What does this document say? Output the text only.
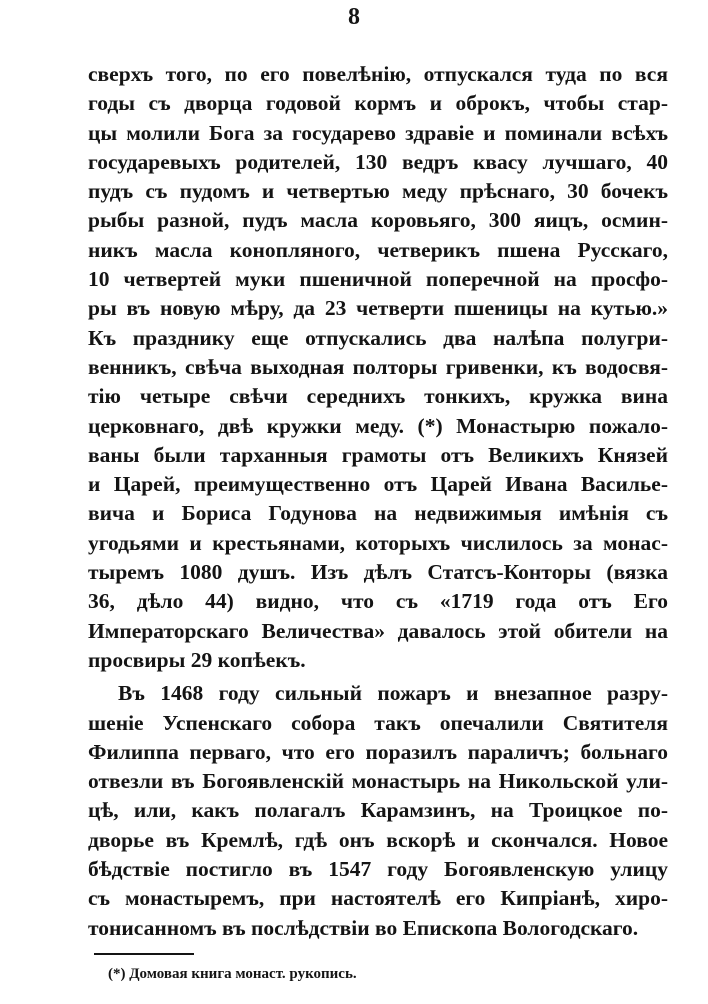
8
сверхъ того, по его повелѣнію, отпускался туда по вся
годы съ дворца годовой кормъ и оброкъ, чтобы стар-
цы молили Бога за государево здравіе и поминали всѣхъ
государевыхъ родителей, 130 ведръ квасу лучшаго, 40
пудъ съ пудомъ и четвертью меду прѣснаго, 30 бочекъ
рыбы разной, пудъ масла коровьяго, 300 яицъ, осмин-
никъ масла конопляного, четверикъ пшена Русскаго,
10 четвертей муки пшеничной поперечной на просфо-
ры въ новую мѣру, да 23 четверти пшеницы на кутью.»
Къ празднику еще отпускались два налѣпа полугри-
венникъ, свѣча выходная полторы гривенки, къ водосвя-
тію четыре свѣчи середнихъ тонкихъ, кружка вина
церковнаго, двѣ кружки меду. (*) Монастырю пожало-
ваны были тарханныя грамоты отъ Великихъ Князей
и Царей, преимущественно отъ Царей Ивана Василье-
вича и Бориса Годунова на недвижимыя имѣнія съ
угодьями и крестьянами, которыхъ числилось за монас-
тыремъ 1080 душъ. Изъ дѣлъ Статсъ-Конторы (вязка
36, дѣло 44) видно, что съ «1719 года отъ Его
Императорскаго Величества» давалось этой обители на
просвиры 29 копѣекъ.
Въ 1468 году сильный пожаръ и внезапное разру-
шеніе Успенскаго собора такъ опечалили Святителя
Филиппа перваго, что его поразилъ параличъ; больнаго
отвезли въ Богоявленскій монастырь на Никольской ули-
цѣ, или, какъ полагалъ Карамзинъ, на Троицкое по-
дворье въ Кремлѣ, гдѣ онъ вскорѣ и скончался. Новое
бѣдствіе постигло въ 1547 году Богоявленскую улицу
съ монастыремъ, при настоятелѣ его Кипріанѣ, хиро-
тонисанномъ въ послѣдствіи во Епископа Вологодскаго.
(*) Домовая книга монаст. рукопись.
